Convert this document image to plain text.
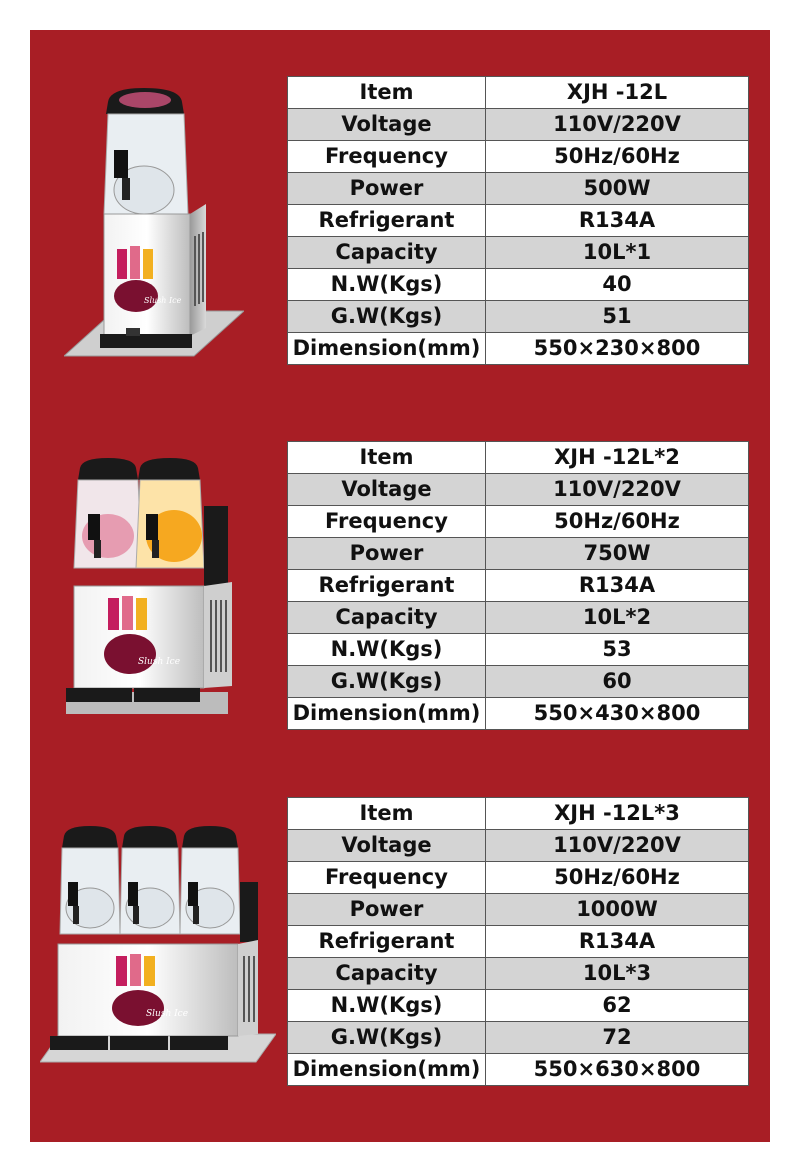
Slush Ice
Slush Ice
Slush Ice
Item	XJH -12L
Voltage	110V/220V
Frequency	50Hz/60Hz
Power	500W
Refrigerant	R134A
Capacity	10L*1
N.W(Kgs)	40
G.W(Kgs)	51
Dimension(mm)	550×230×800
Item	XJH -12L*2
Voltage	110V/220V
Frequency	50Hz/60Hz
Power	750W
Refrigerant	R134A
Capacity	10L*2
N.W(Kgs)	53
G.W(Kgs)	60
Dimension(mm)	550×430×800
Item	XJH -12L*3
Voltage	110V/220V
Frequency	50Hz/60Hz
Power	1000W
Refrigerant	R134A
Capacity	10L*3
N.W(Kgs)	62
G.W(Kgs)	72
Dimension(mm)	550×630×800
